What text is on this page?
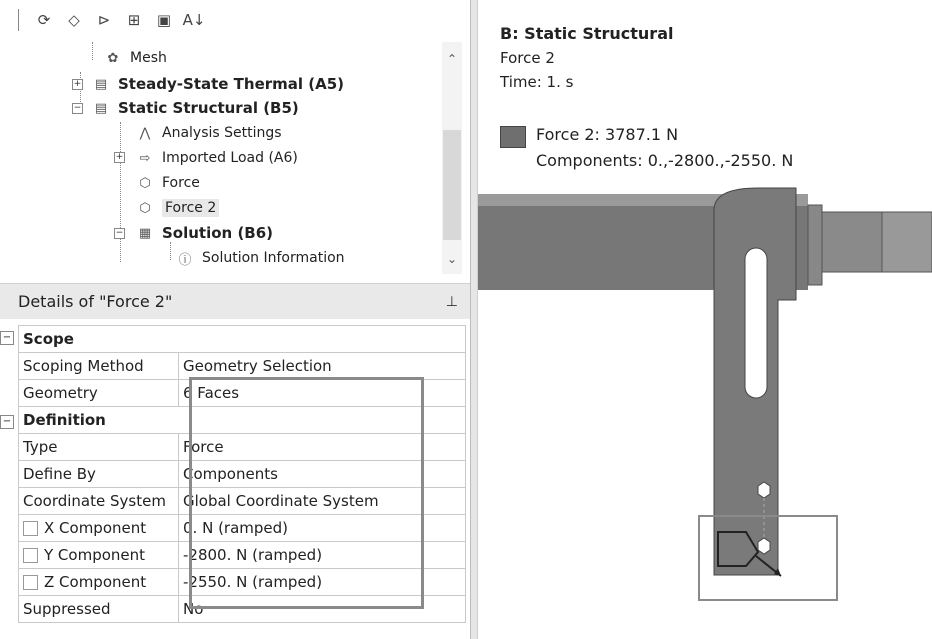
⟳	◇	⊳	⊞	▣ A↓
✿ Mesh
+	▤ Steady-State Thermal (A5)
−	▤ Static Structural (B5)
⋀ Analysis Settings
+	⇨ Imported Load (A6)
⬡ Force
⬡	Force 2
−	▦ Solution (B6)
ⓘ Solution Information
⌃
⌄
Details of "Force 2"	⊥
−
−
Scope	
Scoping Method	Geometry Selection
Geometry	6 Faces
Definition	
Type	Force
Define By	Components
Coordinate System	Global Coordinate System
X Component	0. N (ramped)
Y Component	-2800. N (ramped)
Z Component	-2550. N (ramped)
Suppressed	No
B: Static Structural
Force 2
Time: 1. s
Force 2: 3787.1 N
Components: 0.,-2800.,-2550. N
